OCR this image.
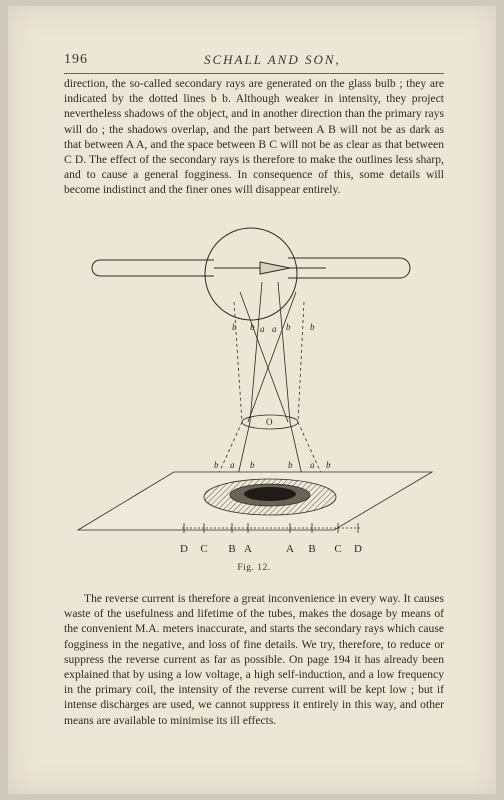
196	SCHALL AND SON,

direction, the so-called secondary rays are generated on the glass bulb ; they are indicated by the dotted lines b b. Although weaker in intensity, they project nevertheless shadows of the object, and in another direction than the primary rays will do ; the shadows overlap, and the part between A B will not be as dark as that between A A, and the space between B C will not be as clear as that between C D. The effect of the secondary rays is therefore to make the outlines less sharp, and to cause a general fogginess. In consequence of this, some details will become indistinct and the finer ones will disappear entirely.

O
b b a a b b
b a b	b a b
D C B A	A B C D
Fig. 12.

The reverse current is therefore a great inconvenience in every way. It causes waste of the usefulness and lifetime of the tubes, makes the dosage by means of the convenient M.A. meters inaccurate, and starts the secondary rays which cause fogginess in the negative, and loss of fine details. We try, therefore, to reduce or suppress the reverse current as far as possible. On page 194 it has already been explained that by using a low voltage, a high self-induction, and a low frequency in the primary coil, the intensity of the reverse current will be kept low ; but if intense discharges are used, we cannot suppress it entirely in this way, and other means are available to minimise its ill effects.
